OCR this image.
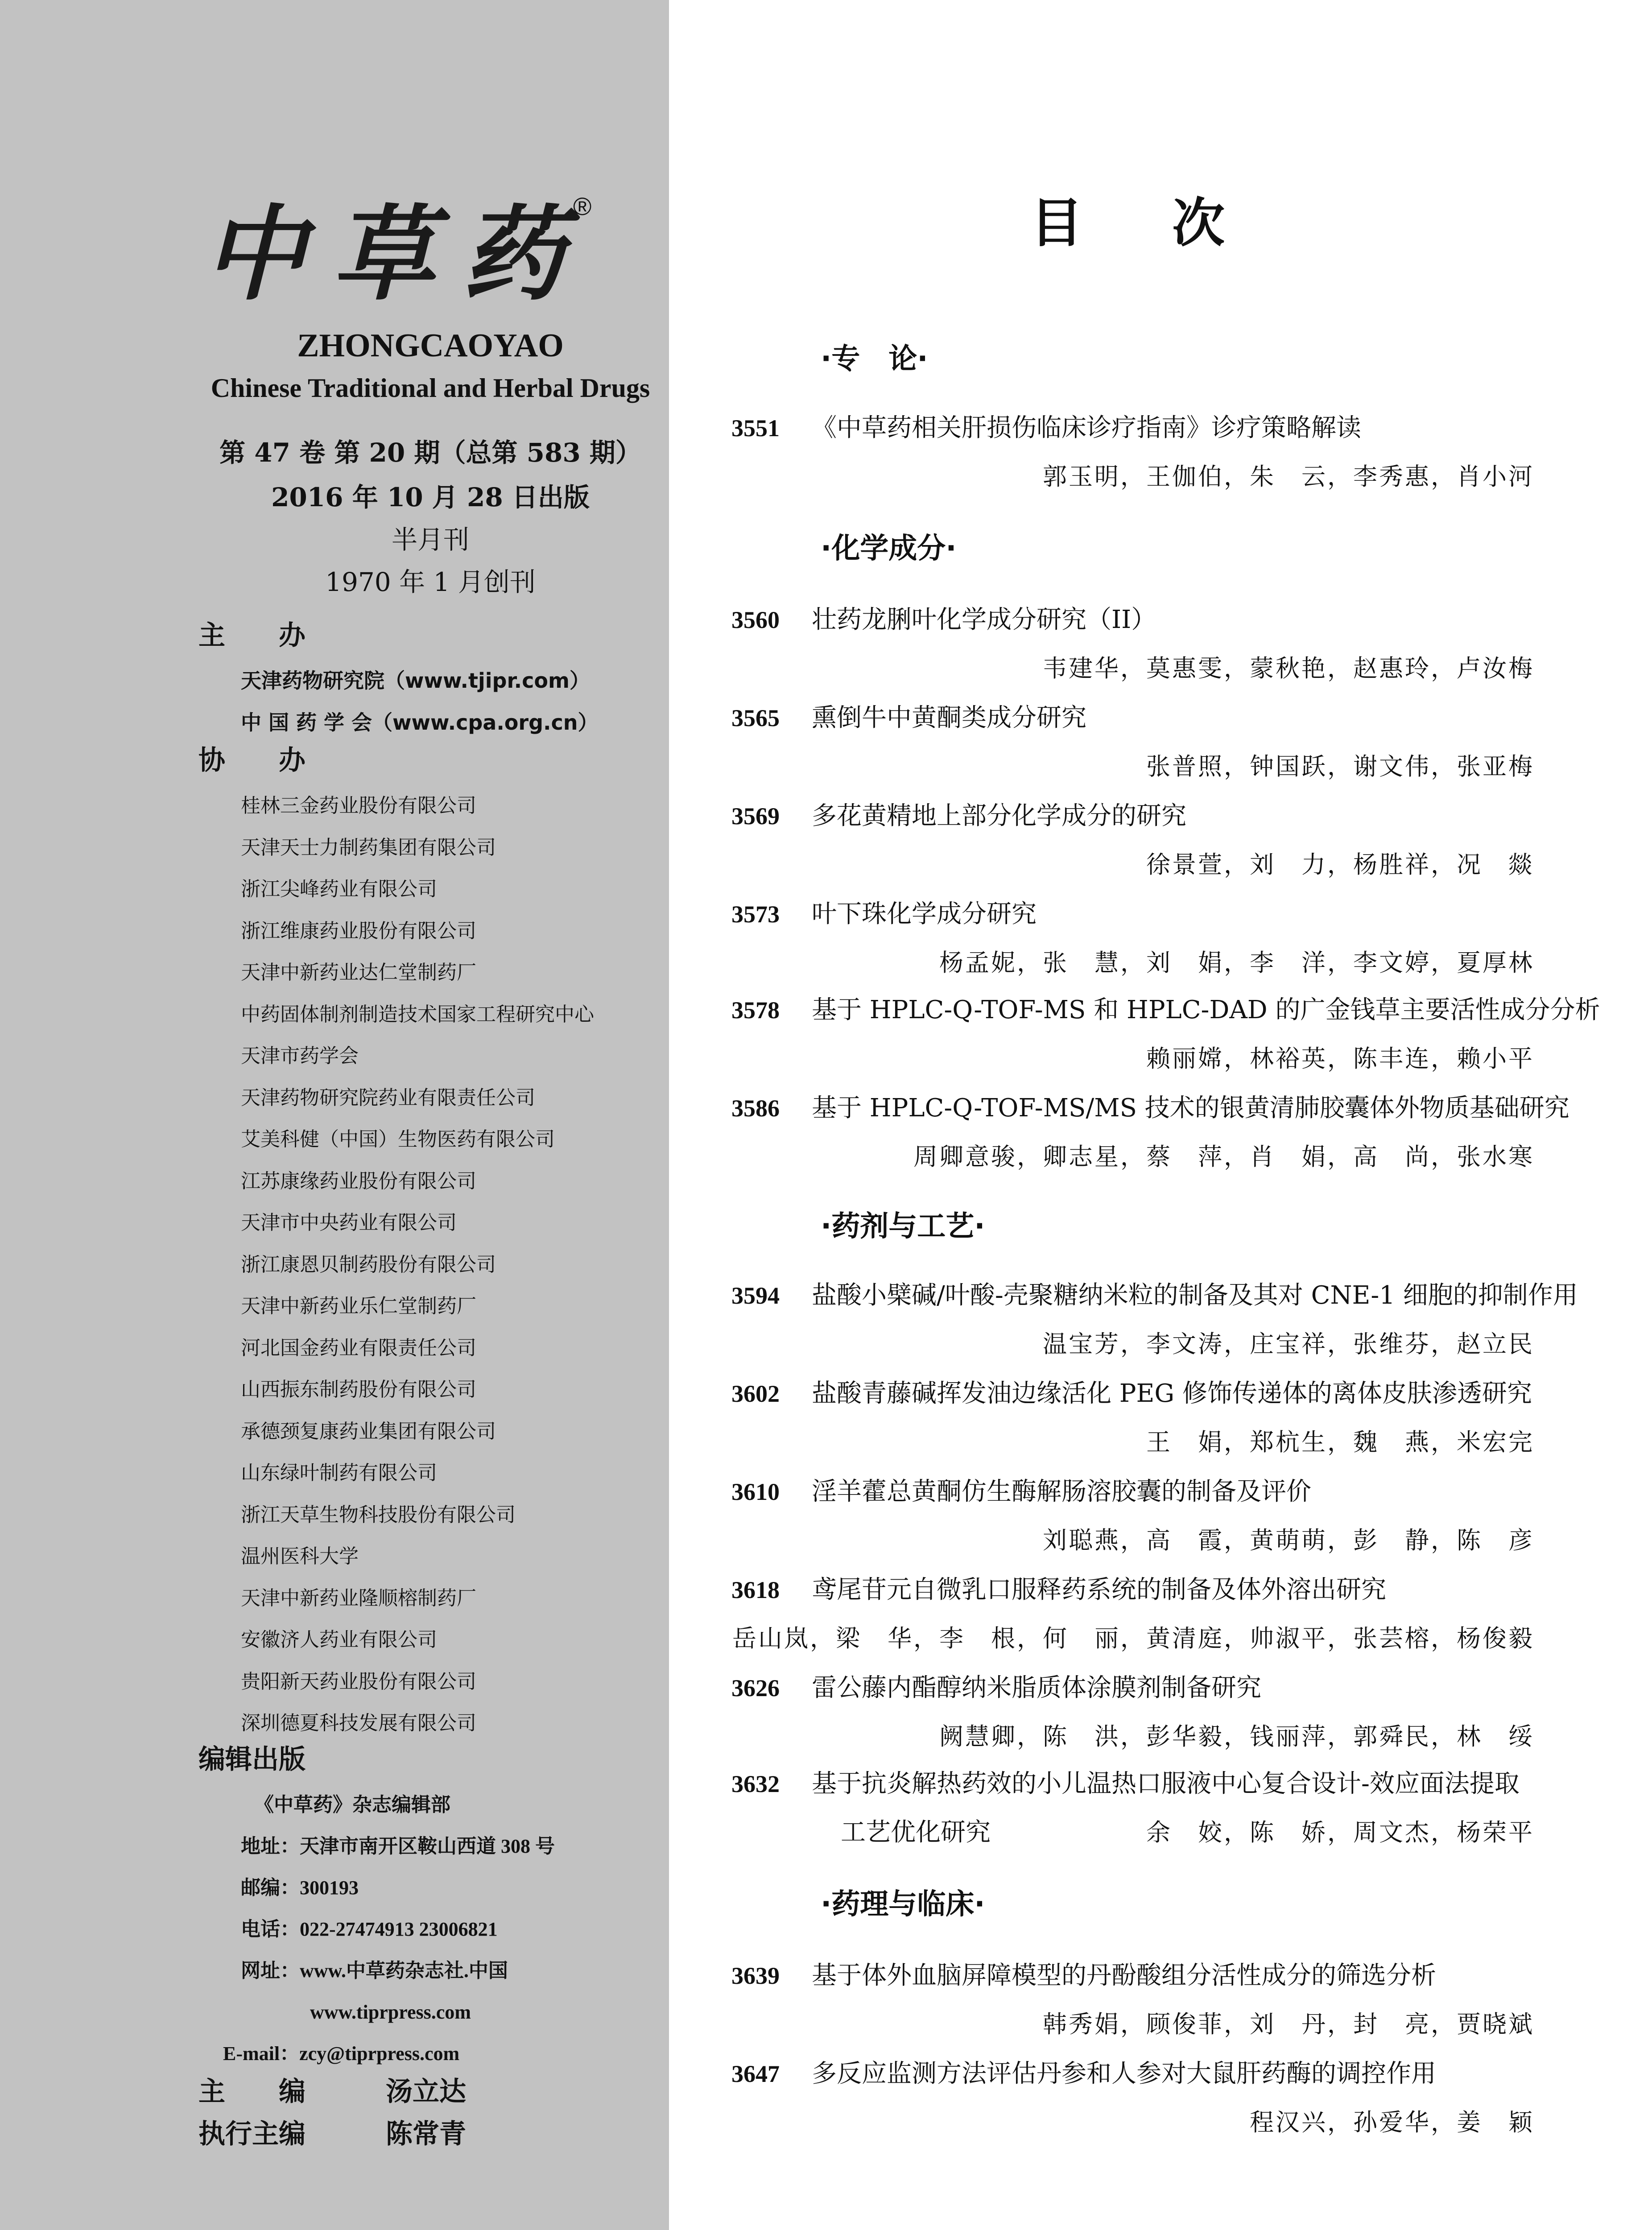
中 草 药 ®
ZHONGCAOYAO
Chinese Traditional and Herbal Drugs
第 47 卷 第 20 期（总第 583 期）
2016 年 10 月 28 日出版
半月刊
1970 年 1 月创刊
主　　办
天津药物研究院（www.tjipr.com）
中 国 药 学 会（www.cpa.org.cn）
协　　办
桂林三金药业股份有限公司
天津天士力制药集团有限公司
浙江尖峰药业有限公司
浙江维康药业股份有限公司
天津中新药业达仁堂制药厂
中药固体制剂制造技术国家工程研究中心
天津市药学会
天津药物研究院药业有限责任公司
艾美科健（中国）生物医药有限公司
江苏康缘药业股份有限公司
天津市中央药业有限公司
浙江康恩贝制药股份有限公司
天津中新药业乐仁堂制药厂
河北国金药业有限责任公司
山西振东制药股份有限公司
承德颈复康药业集团有限公司
山东绿叶制药有限公司
浙江天草生物科技股份有限公司
温州医科大学
天津中新药业隆顺榕制药厂
安徽济人药业有限公司
贵阳新天药业股份有限公司
深圳德夏科技发展有限公司
编辑出版
《中草药》杂志编辑部
地址：天津市南开区鞍山西道 308 号
邮编：300193
电话：022-27474913 23006821
网址：www.中草药杂志社.中国
www.tiprpress.com
E-mail：zcy@tiprpress.com
主　　编	汤立达
执行主编	陈常青
目次
·专　论·
3551	《中草药相关肝损伤临床诊疗指南》诊疗策略解读
郭玉明，王伽伯，朱　云，李秀惠，肖小河
·化学成分·
3560	壮药龙脷叶化学成分研究（II）
韦建华，莫惠雯，蒙秋艳，赵惠玲，卢汝梅
3565	熏倒牛中黄酮类成分研究
张普照，钟国跃，谢文伟，张亚梅
3569	多花黄精地上部分化学成分的研究
徐景萱，刘　力，杨胜祥，况　燚
3573	叶下珠化学成分研究
杨孟妮，张　慧，刘　娟，李　洋，李文婷，夏厚林
3578	基于 HPLC-Q-TOF-MS 和 HPLC-DAD 的广金钱草主要活性成分分析
赖丽嫦，林裕英，陈丰连，赖小平
3586	基于 HPLC-Q-TOF-MS/MS 技术的银黄清肺胶囊体外物质基础研究
周卿意骏，卿志星，蔡　萍，肖　娟，高　尚，张水寒
·药剂与工艺·
3594	盐酸小檗碱/叶酸-壳聚糖纳米粒的制备及其对 CNE-1 细胞的抑制作用
温宝芳，李文涛，庄宝祥，张维芬，赵立民
3602	盐酸青藤碱挥发油边缘活化 PEG 修饰传递体的离体皮肤渗透研究
王　娟，郑杭生，魏　燕，米宏完
3610	淫羊藿总黄酮仿生酶解肠溶胶囊的制备及评价
刘聪燕，高　霞，黄萌萌，彭　静，陈　彦
3618	鸢尾苷元自微乳口服释药系统的制备及体外溶出研究
岳山岚，梁　华，李　根，何　丽，黄清庭，帅淑平，张芸榕，杨俊毅
3626	雷公藤内酯醇纳米脂质体涂膜剂制备研究
阙慧卿，陈　洪，彭华毅，钱丽萍，郭舜民，林　绥
3632	基于抗炎解热药效的小儿温热口服液中心复合设计-效应面法提取
工艺优化研究	余　姣，陈　娇，周文杰，杨荣平
·药理与临床·
3639	基于体外血脑屏障模型的丹酚酸组分活性成分的筛选分析
韩秀娟，顾俊菲，刘　丹，封　亮，贾晓斌
3647	多反应监测方法评估丹参和人参对大鼠肝药酶的调控作用
程汉兴，孙爱华，姜　颖
